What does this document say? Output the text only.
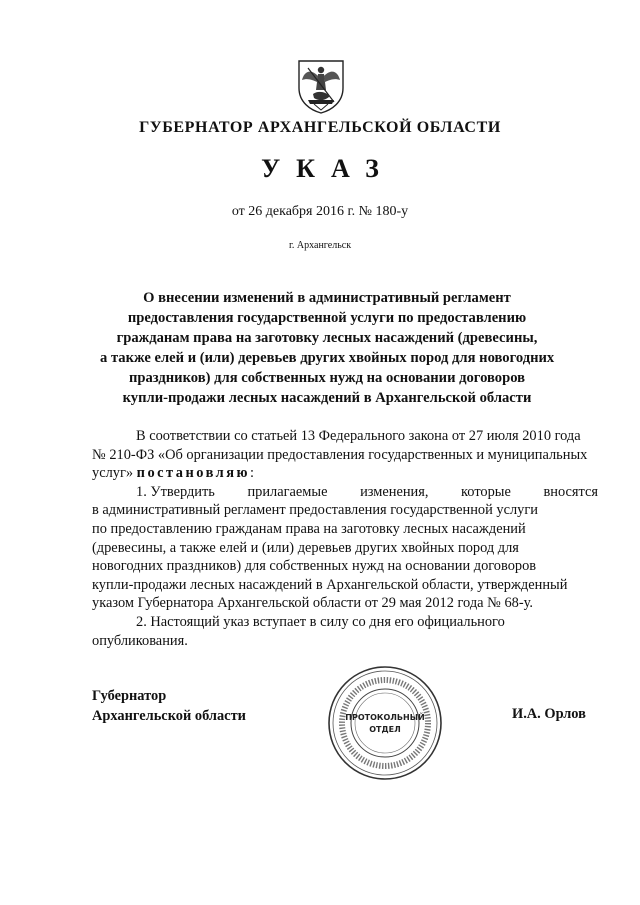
ГУБЕРНАТОР АРХАНГЕЛЬСКОЙ ОБЛАСТИ
УКАЗ
от 26 декабря 2016 г. № 180-у
г. Архангельск
О внесении изменений в административный регламент
предоставления государственной услуги по предоставлению
гражданам права на заготовку лесных насаждений (древесины,
а также елей и (или) деревьев других хвойных пород для новогодних
праздников) для собственных нужд на основании договоров
купли-продажи лесных насаждений в Архангельской области
В соответствии со статьей 13 Федерального закона от 27 июля 2010 года
№ 210-ФЗ «Об организации предоставления государственных и муниципальных
услуг» постановляю :
1. Утвердить прилагаемые изменения, которые вносятся
в административный регламент предоставления государственной услуги
по предоставлению гражданам права на заготовку лесных насаждений
(древесины, а также елей и (или) деревьев других хвойных пород для
новогодних праздников) для собственных нужд на основании договоров
купли-продажи лесных насаждений в Архангельской области, утвержденный
указом Губернатора Архангельской области от 29 мая 2012 года № 68-у.
2. Настоящий указ вступает в силу со дня его официального
опубликования.
Губернатор
Архангельской области	И.А. Орлов
ПРОТОКОЛЬНЫЙ
ОТДЕЛ
